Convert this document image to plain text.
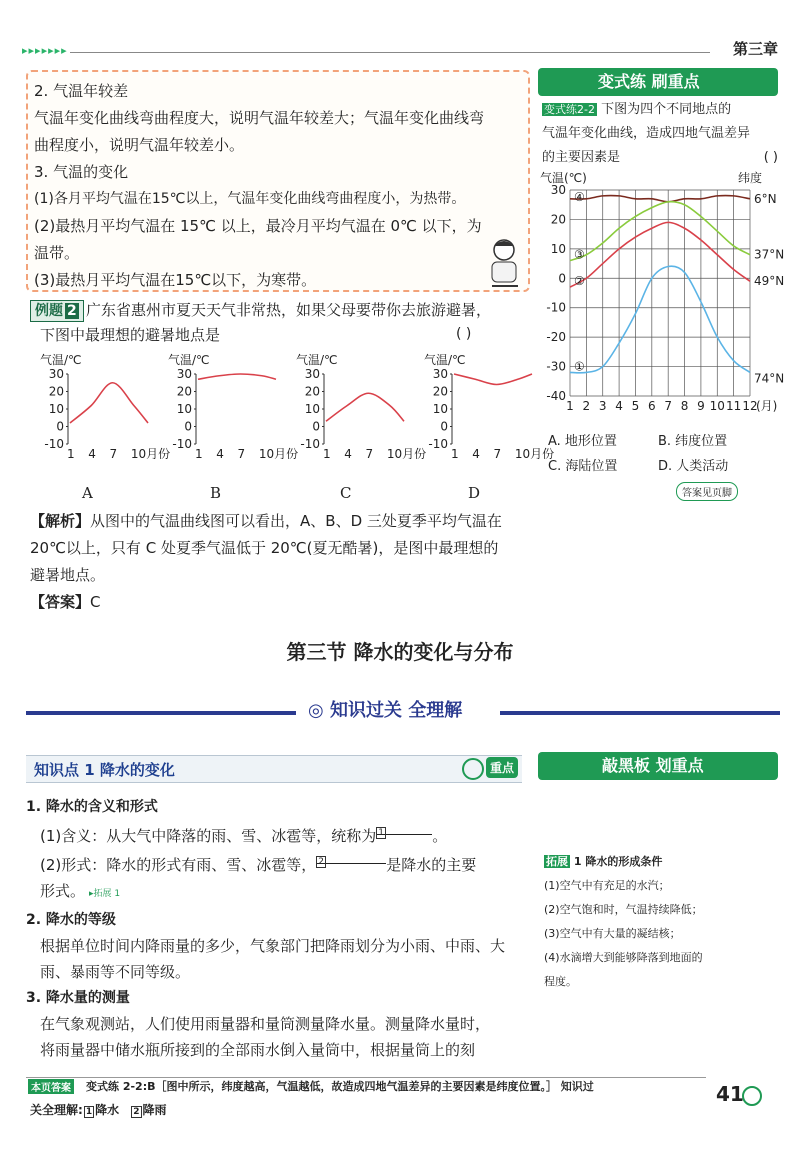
▸▸▸▸▸▸▸	第三章
2. 气温年较差
气温年变化曲线弯曲程度大，说明气温年较差大；气温年变化曲线弯
曲程度小，说明气温年较差小。
3. 气温的变化
(1)各月平均气温在15℃以上，气温年变化曲线弯曲程度小，为热带。
(2)最热月平均气温在 15℃ 以上，最冷月平均气温在 0℃ 以下，为
温带。
(3)最热月平均气温在15℃以下，为寒带。
例题 2 广东省惠州市夏天天气非常热，如果父母要带你去旅游避暑，
下图中最理想的避暑地点是	( )
气温/℃
30
20
10
0
-10
1 4 7 10月份
气温/℃
30
20
10
0
-10
1 4 7 10月份
气温/℃
30
20
10
0
-10
1 4 7 10月份
气温/℃
30
20
10
0
-10
1 4 7 10月份
A	B	C	D
【解析】从图中的气温曲线图可以看出，A、B、D 三处夏季平均气温在
20℃以上，只有 C 处夏季气温低于 20℃(夏无酷暑)，是图中最理想的
避暑地点。
【答案】C
第三节 降水的变化与分布
◎ 知识过关 全理解
知识点 1 降水的变化	重点
1. 降水的含义和形式
(1)含义：从大气中降落的雨、雪、冰雹等，统称为 $^1$	。
(2)形式：降水的形式有雨、雪、冰雹等， $^2$	是降水的主要
形式。 ▸拓展 1
2. 降水的等级
根据单位时间内降雨量的多少，气象部门把降雨划分为小雨、中雨、大
雨、暴雨等不同等级。
3. 降水量的测量
在气象观测站，人们使用雨量器和量筒测量降水量。测量降水量时，
将雨量器中储水瓶所接到的全部雨水倒入量筒中，根据量筒上的刻
变式练 刷重点
变式练2-2 下图为四个不同地点的
气温年变化曲线，造成四地气温差异
的主要因素是	( )
气温(℃)	纬度
30
20
10
0
-10
-20
-30
-40
1 2 3 4 5 6 7 8 9 10 11 12
(月)
6°N
④
37°N
③
49°N
②
74°N
①
A. 地形位置	B. 纬度位置
C. 海陆位置	D. 人类活动
答案见页脚
敲黑板 划重点
拓展 1 降水的形成条件
(1)空气中有充足的水汽；
(2)空气饱和时，气温持续降低；
(3)空气中有大量的凝结核；
(4)水滴增大到能够降落到地面的
程度。
本页答案 变式练 2-2:B［图中所示，纬度越高，气温越低，故造成四地气温差异的主要因素是纬度位置。］ 知识过
关全理解: 1 降水 2 降雨
41
